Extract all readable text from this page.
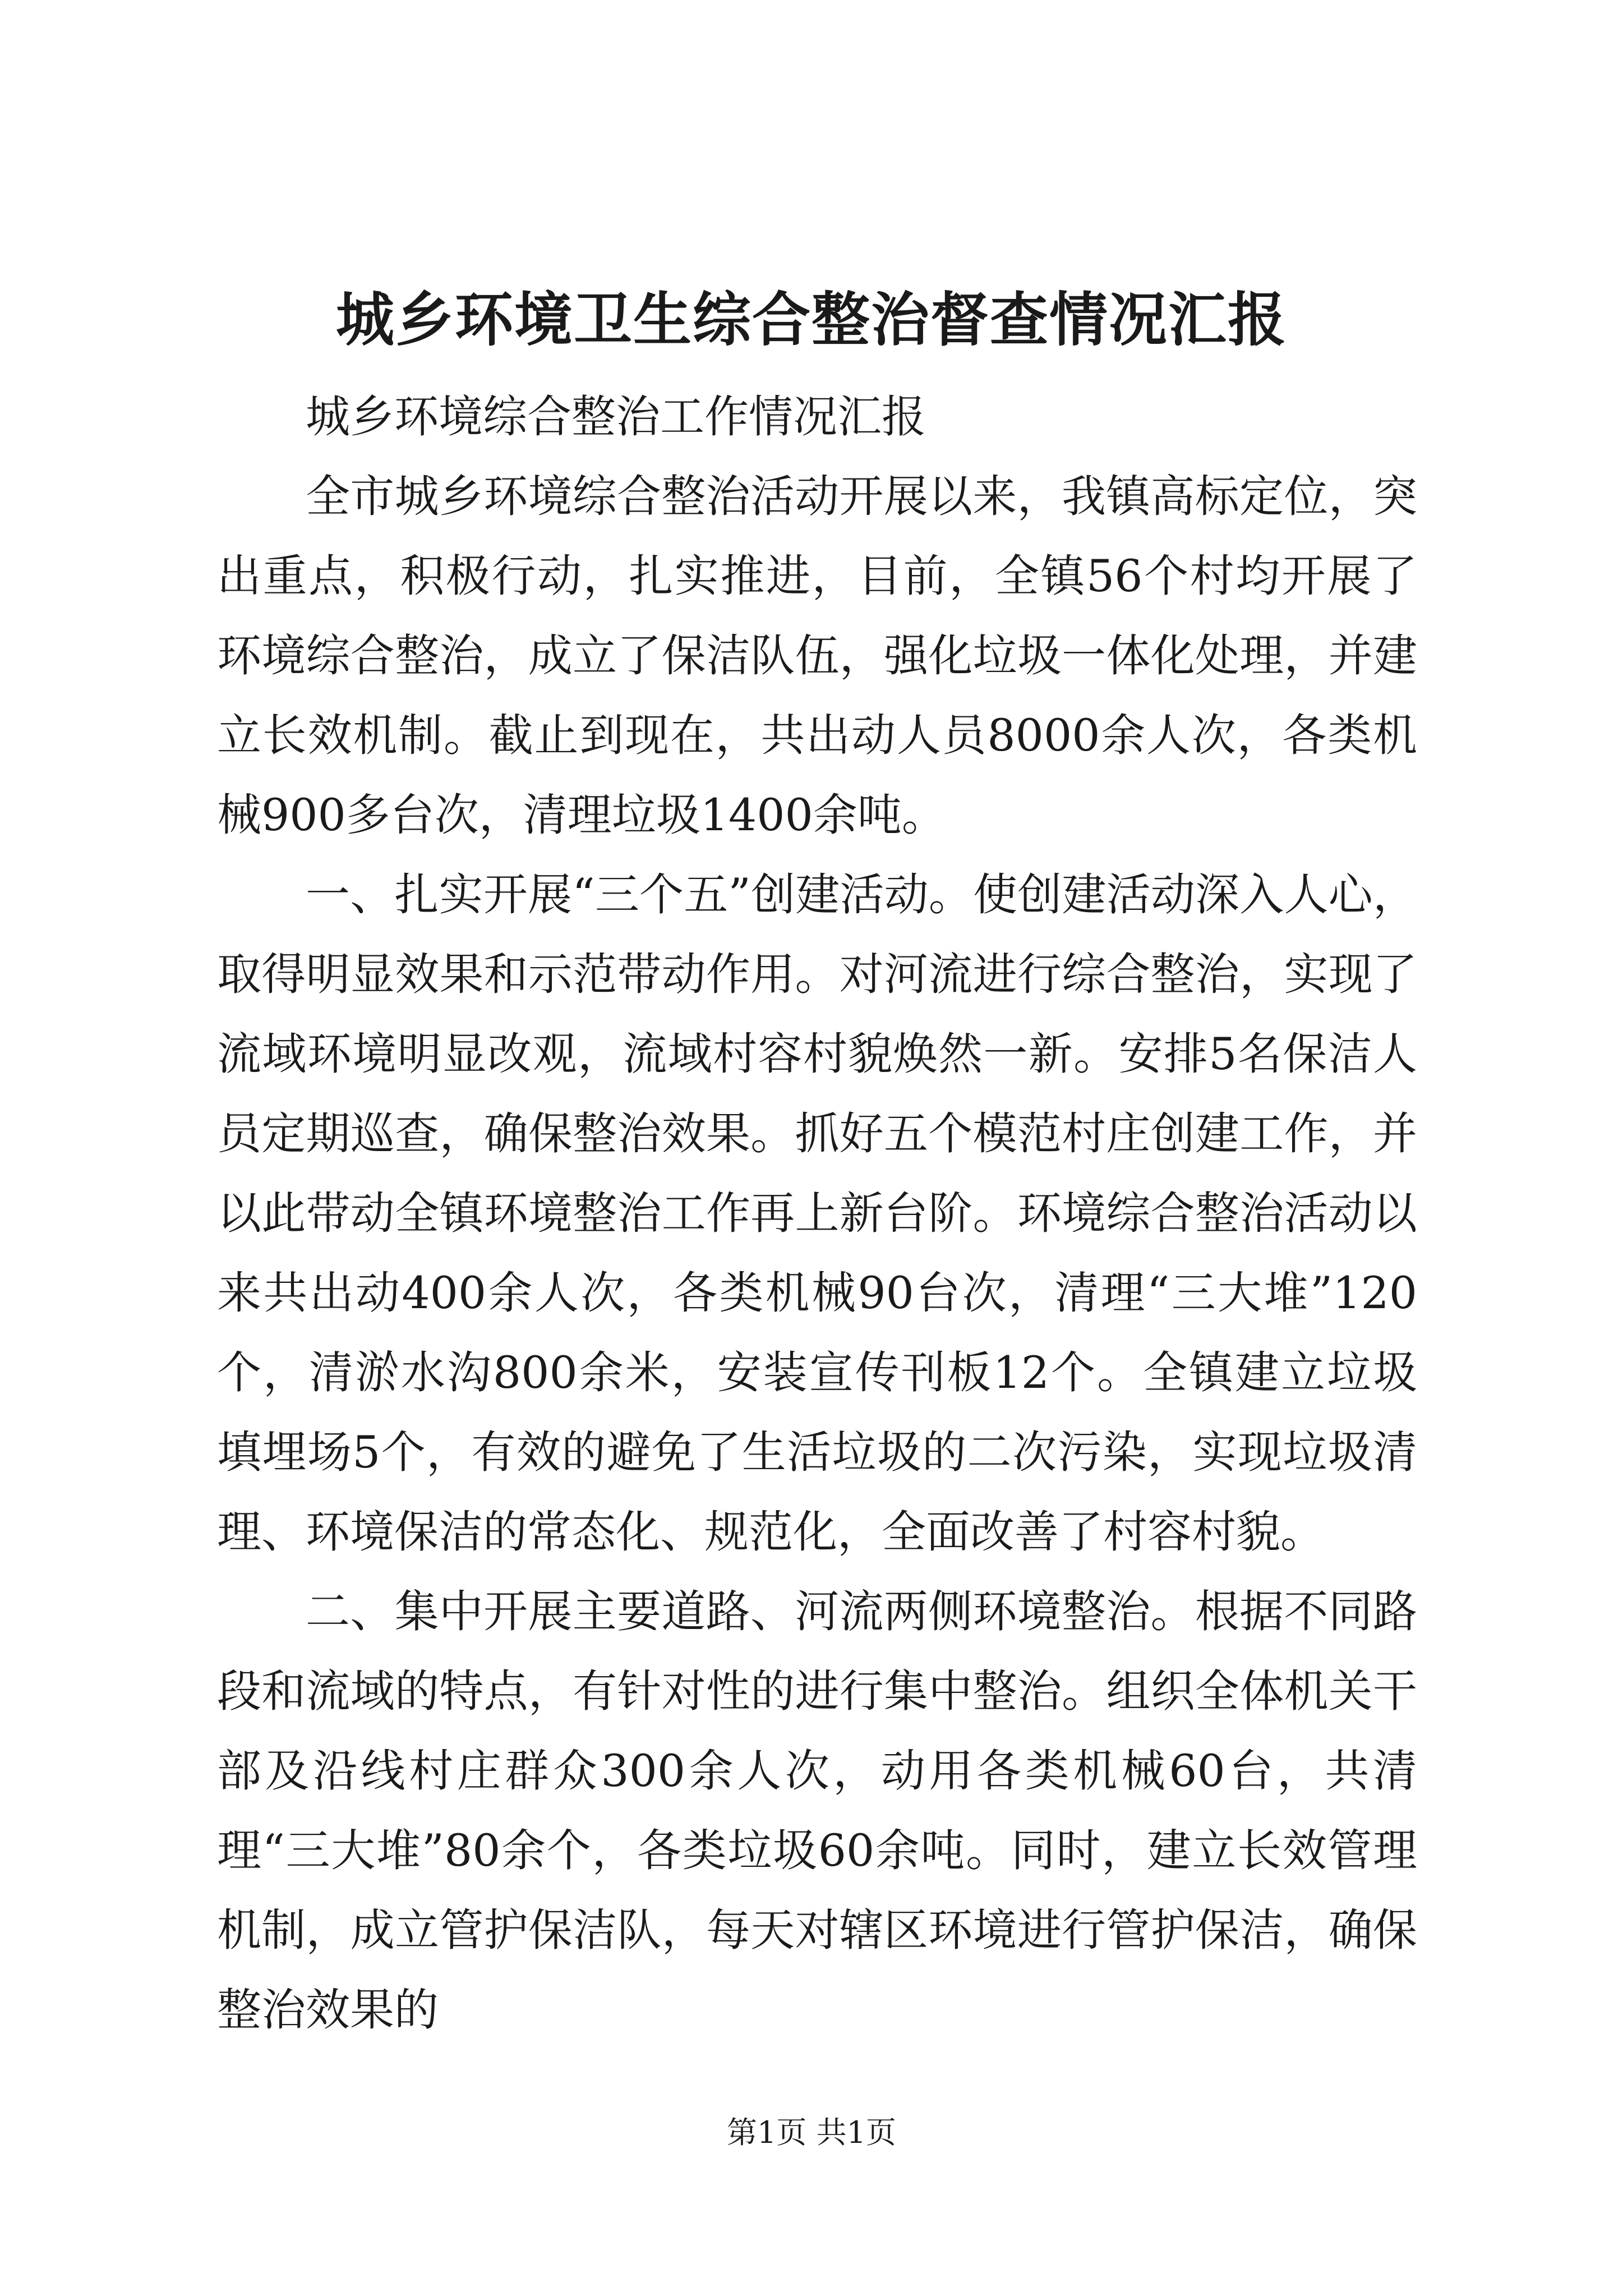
城乡环境卫生综合整治督查情况汇报

城乡环境综合整治工作情况汇报

全市城乡环境综合整治活动开展以来，我镇高标定位，突出重点，积极行动，扎实推进，目前，全镇56个村均开展了环境综合整治，成立了保洁队伍，强化垃圾一体化处理，并建立长效机制。截止到现在，共出动人员8000余人次，各类机械900多台次，清理垃圾1400余吨。

一、扎实开展“三个五”创建活动。使创建活动深入人心，取得明显效果和示范带动作用。对河流进行综合整治，实现了流域环境明显改观，流域村容村貌焕然一新。安排5名保洁人员定期巡查，确保整治效果。抓好五个模范村庄创建工作，并以此带动全镇环境整治工作再上新台阶。环境综合整治活动以来共出动400余人次，各类机械90台次，清理“三大堆”120个，清淤水沟800余米，安装宣传刊板12个。全镇建立垃圾填埋场5个，有效的避免了生活垃圾的二次污染，实现垃圾清理、环境保洁的常态化、规范化，全面改善了村容村貌。

二、集中开展主要道路、河流两侧环境整治。根据不同路段和流域的特点，有针对性的进行集中整治。组织全体机关干部及沿线村庄群众300余人次，动用各类机械60台，共清理“三大堆”80余个，各类垃圾60余吨。同时，建立长效管理机制，成立管护保洁队，每天对辖区环境进行管护保洁，确保整治效果的

第1页 共1页
